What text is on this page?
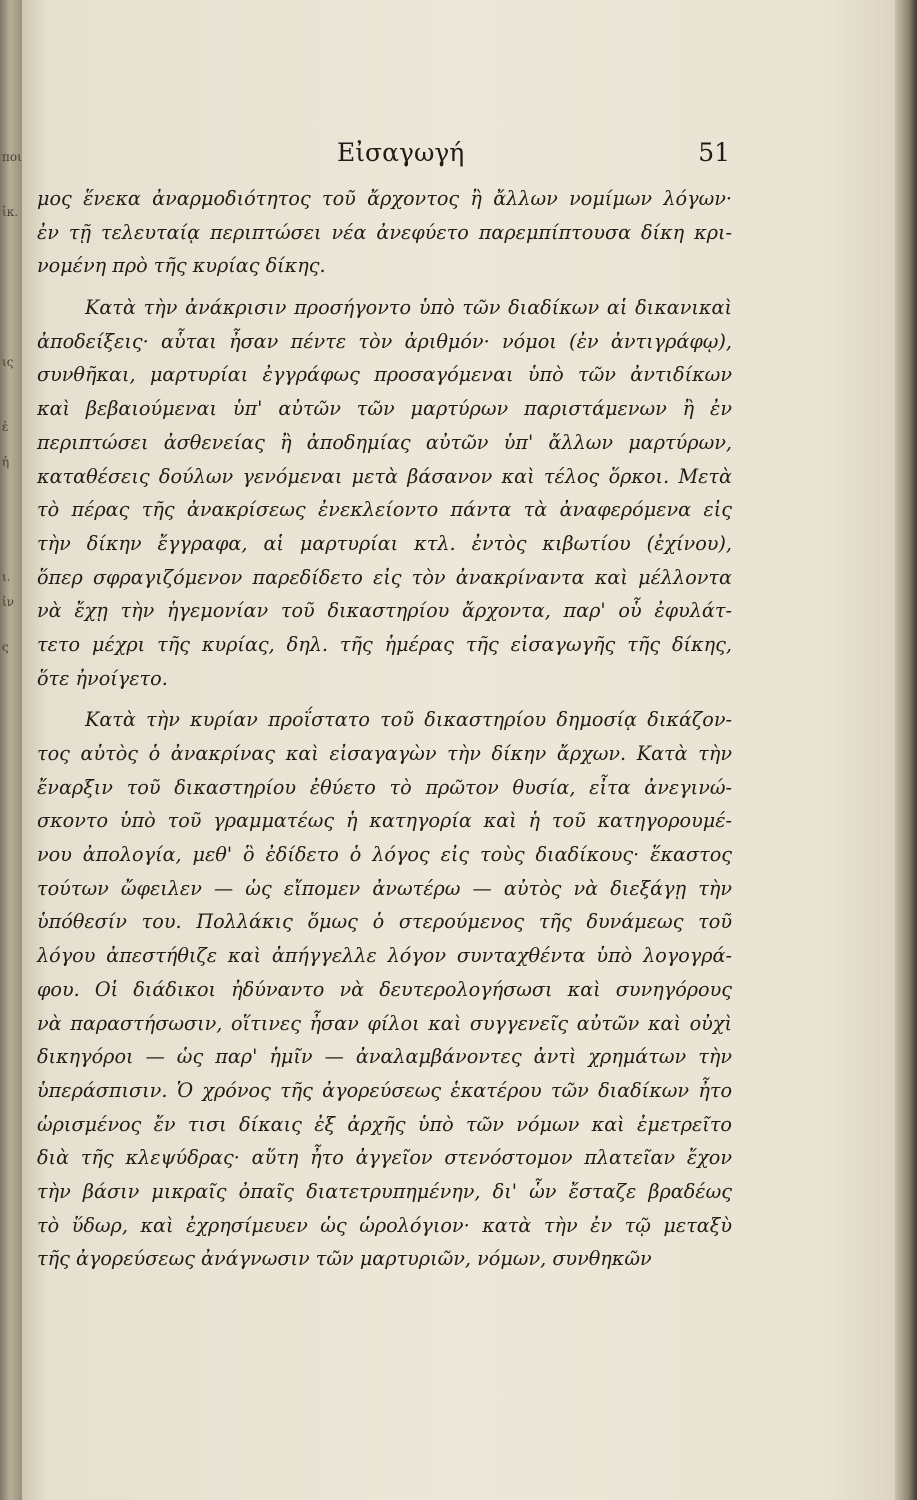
ποι
ἱκ.
ις
ἑ
ἡ
ι.
ἰν
ς
Εἰσαγωγή	51
μος ἕνεκα ἀναρμοδιότητος τοῦ ἄρχοντος ἢ ἄλλων νομίμων λόγων·
ἐν τῇ τελευταίᾳ περιπτώσει νέα ἀνεφύετο παρεμπίπτουσα δίκη κρι-
νομένη πρὸ τῆς κυρίας δίκης.
Κατὰ τὴν ἀνάκρισιν προσήγοντο ὑπὸ τῶν διαδίκων αἱ δικανικαὶ
ἀποδείξεις· αὗται ἦσαν πέντε τὸν ἀριθμόν· νόμοι (ἐν ἀντιγράφῳ),
συνθῆκαι, μαρτυρίαι ἐγγράφως προσαγόμεναι ὑπὸ τῶν ἀντιδίκων
καὶ βεβαιούμεναι ὑπ' αὐτῶν τῶν μαρτύρων παριστάμενων ἢ ἐν
περιπτώσει ἀσθενείας ἢ ἀποδημίας αὐτῶν ὑπ' ἄλλων μαρτύρων,
καταθέσεις δούλων γενόμεναι μετὰ βάσανον καὶ τέλος ὅρκοι. Μετὰ
τὸ πέρας τῆς ἀνακρίσεως ἐνεκλείοντο πάντα τὰ ἀναφερόμενα εἰς
τὴν δίκην ἔγγραφα, αἱ μαρτυρίαι κτλ. ἐντὸς κιβωτίου (ἐχίνου),
ὅπερ σφραγιζόμενον παρεδίδετο εἰς τὸν ἀνακρίναντα καὶ μέλλοντα
νὰ ἔχῃ τὴν ἡγεμονίαν τοῦ δικαστηρίου ἄρχοντα, παρ' οὗ ἐφυλάτ-
τετο μέχρι τῆς κυρίας, δηλ. τῆς ἡμέρας τῆς εἰσαγωγῆς τῆς δίκης,
ὅτε ἠνοίγετο.
Κατὰ τὴν κυρίαν προΐστατο τοῦ δικαστηρίου δημοσίᾳ δικάζον-
τος αὐτὸς ὁ ἀνακρίνας καὶ εἰσαγαγὼν τὴν δίκην ἄρχων. Κατὰ τὴν
ἔναρξιν τοῦ δικαστηρίου ἐθύετο τὸ πρῶτον θυσία, εἶτα ἀνεγινώ-
σκοντο ὑπὸ τοῦ γραμματέως ἡ κατηγορία καὶ ἡ τοῦ κατηγορουμέ-
νου ἀπολογία, μεθ' ὃ ἐδίδετο ὁ λόγος εἰς τοὺς διαδίκους· ἕκαστος
τούτων ὤφειλεν — ὡς εἴπομεν ἀνωτέρω — αὐτὸς νὰ διεξάγῃ τὴν
ὑπόθεσίν του. Πολλάκις ὅμως ὁ στερούμενος τῆς δυνάμεως τοῦ
λόγου ἀπεστήθιζε καὶ ἀπήγγελλε λόγον συνταχθέντα ὑπὸ λογογρά-
φου. Οἱ διάδικοι ἠδύναντο νὰ δευτερολογήσωσι καὶ συνηγόρους
νὰ παραστήσωσιν, οἵτινες ἦσαν φίλοι καὶ συγγενεῖς αὐτῶν καὶ οὐχὶ
δικηγόροι — ὡς παρ' ἡμῖν — ἀναλαμβάνοντες ἀντὶ χρημάτων τὴν
ὑπεράσπισιν. Ὁ χρόνος τῆς ἀγορεύσεως ἑκατέρου τῶν διαδίκων ἦτο
ὡρισμένος ἔν τισι δίκαις ἐξ ἀρχῆς ὑπὸ τῶν νόμων καὶ ἐμετρεῖτο
διὰ τῆς κλεψύδρας· αὕτη ἦτο ἀγγεῖον στενόστομον πλατεῖαν ἔχον
τὴν βάσιν μικραῖς ὀπαῖς διατετρυπημένην, δι' ὧν ἔσταζε βραδέως
τὸ ὕδωρ, καὶ ἐχρησίμευεν ὡς ὡρολόγιον· κατὰ τὴν ἐν τῷ μεταξὺ
τῆς ἀγορεύσεως ἀνάγνωσιν τῶν μαρτυριῶν, νόμων, συνθηκῶν
